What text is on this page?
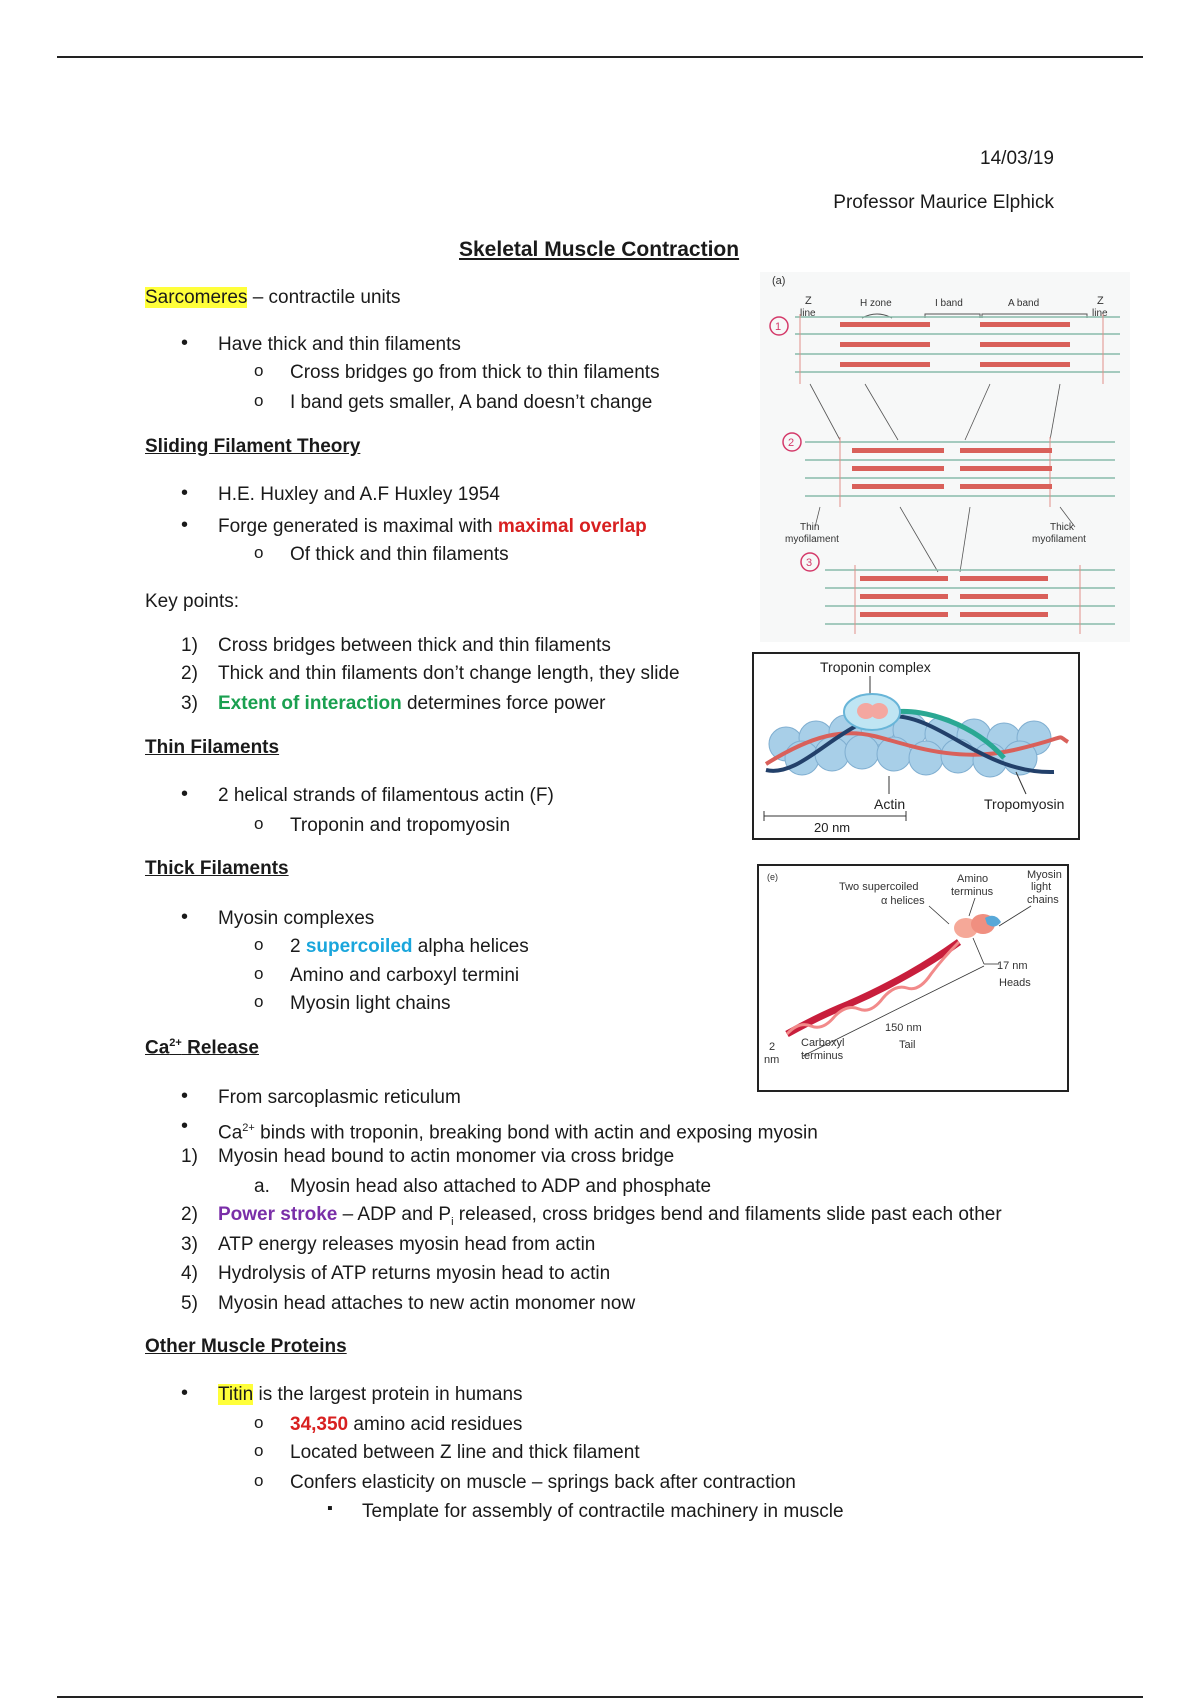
14/03/19
Professor Maurice Elphick
Skeletal Muscle Contraction
Sarcomeres – contractile units
•
Have thick and thin filaments
o
Cross bridges go from thick to thin filaments
o
I band gets smaller, A band doesn’t change
Sliding Filament Theory
•
H.E. Huxley and A.F Huxley 1954
•
Forge generated is maximal with maximal overlap
o
Of thick and thin filaments
Key points:
1) Cross bridges between thick and thin filaments
2) Thick and thin filaments don’t change length, they slide
3) Extent of interaction determines force power
Thin Filaments
•
2 helical strands of filamentous actin (F)
o
Troponin and tropomyosin
Thick Filaments
•
Myosin complexes
o
2 supercoiled alpha helices
o
Amino and carboxyl termini
o
Myosin light chains
$Ca^{2+}$ Release
•
From sarcoplasmic reticulum
•
$Ca^{2+}$ binds with troponin, breaking bond with actin and exposing myosin
1) Myosin head bound to actin monomer via cross bridge
a. Myosin head also attached to ADP and phosphate
2) Power stroke – ADP and $P_i$ released, cross bridges bend and filaments slide past each other
3) ATP energy releases myosin head from actin
4) Hydrolysis of ATP returns myosin head to actin
5) Myosin head attaches to new actin monomer now
Other Muscle Proteins
•
Titin is the largest protein in humans
o
34,350 amino acid residues
o
Located between Z line and thick filament
o
Confers elasticity on muscle – springs back after contraction
▪
Template for assembly of contractile machinery in muscle
(a)
Z
line
H zone	I band	A band	Z
line
1
2
Thin
myofilament
Thick
myofilament
3
Troponin complex
Actin	Tropomyosin
20 nm
(e)
Two supercoiled
α helices
Amino
terminus
Myosin
light
chains
17 nm
Heads
150 nm
Tail
Carboxyl
terminus
2
nm
